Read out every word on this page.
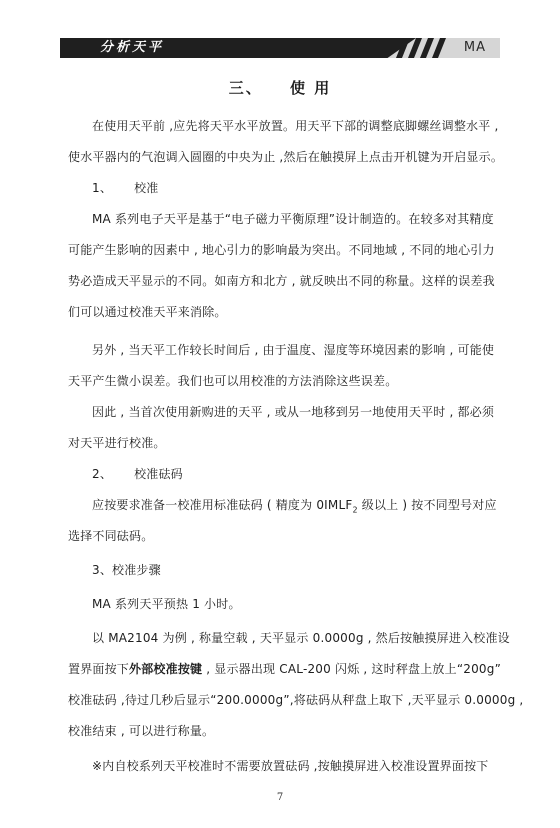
分析天平	MA
三、 使 用
在使用天平前 ,应先将天平水平放置。用天平下部的调整底脚螺丝调整水平 ,
使水平器内的气泡调入圆圈的中央为止 ,然后在触摸屏上点击开机键为开启显示。
1、 校准
MA 系列电子天平是基于“电子磁力平衡原理”设计制造的。在较多对其精度
可能产生影响的因素中 , 地心引力的影响最为突出。不同地域 , 不同的地心引力
势必造成天平显示的不同。如南方和北方 , 就反映出不同的称量。这样的误差我
们可以通过校准天平来消除。
另外 , 当天平工作较长时间后 , 由于温度、湿度等环境因素的影响 , 可能使
天平产生微小误差。我们也可以用校准的方法消除这些误差。
因此 , 当首次使用新购进的天平 , 或从一地移到另一地使用天平时 , 都必须
对天平进行校准。
2、 校准砝码
应按要求准备一校准用标准砝码 ( 精度为 $0IMLF_2$ 级以上 ) 按不同型号对应
选择不同砝码。
3、校准步骤
MA 系列天平预热 1 小时。
以 MA2104 为例 , 称量空载 , 天平显示 0.0000g , 然后按触摸屏进入校准设
置界面按下外部校准按键 , 显示器出现 CAL-200 闪烁 , 这时秤盘上放上“200g”
校准砝码 ,待过几秒后显示“200.0000g”,将砝码从秤盘上取下 ,天平显示 0.0000g ,
校准结束 , 可以进行称量。
※内自校系列天平校准时不需要放置砝码 ,按触摸屏进入校准设置界面按下
7
